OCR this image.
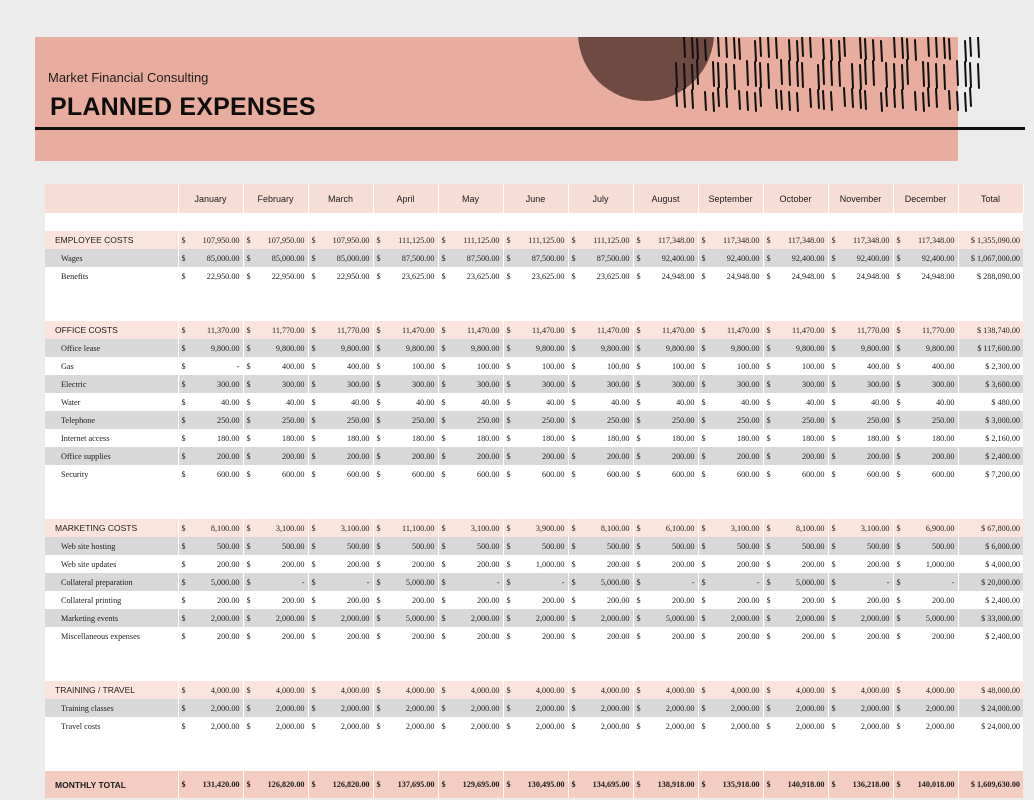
Market Financial Consulting
PLANNED EXPENSES
	January	February	March	April	May	June	July	August	September	October	November	December	Total

EMPLOYEE COSTS	$ 107,950.00	$ 107,950.00	$ 107,950.00	$ 111,125.00	$ 111,125.00	$ 111,125.00	$ 111,125.00	$ 117,348.00	$ 117,348.00	$ 117,348.00	$ 117,348.00	$ 117,348.00	$ 1,355,090.00
Wages	$ 85,000.00	$ 85,000.00	$ 85,000.00	$ 87,500.00	$ 87,500.00	$ 87,500.00	$ 87,500.00	$ 92,400.00	$ 92,400.00	$ 92,400.00	$ 92,400.00	$ 92,400.00	$ 1,067,000.00
Benefits	$ 22,950.00	$ 22,950.00	$ 22,950.00	$ 23,625.00	$ 23,625.00	$ 23,625.00	$ 23,625.00	$ 24,948.00	$ 24,948.00	$ 24,948.00	$ 24,948.00	$ 24,948.00	$ 288,090.00

OFFICE COSTS	$ 11,370.00	$ 11,770.00	$ 11,770.00	$ 11,470.00	$ 11,470.00	$ 11,470.00	$ 11,470.00	$ 11,470.00	$ 11,470.00	$ 11,470.00	$ 11,770.00	$ 11,770.00	$ 138,740.00
Office lease	$ 9,800.00	$ 9,800.00	$ 9,800.00	$ 9,800.00	$ 9,800.00	$ 9,800.00	$ 9,800.00	$ 9,800.00	$ 9,800.00	$ 9,800.00	$ 9,800.00	$ 9,800.00	$ 117,600.00
Gas	$ -	$ 400.00	$ 400.00	$ 100.00	$ 100.00	$ 100.00	$ 100.00	$ 100.00	$ 100.00	$ 100.00	$ 400.00	$ 400.00	$ 2,300.00
Electric	$ 300.00	$ 300.00	$ 300.00	$ 300.00	$ 300.00	$ 300.00	$ 300.00	$ 300.00	$ 300.00	$ 300.00	$ 300.00	$ 300.00	$ 3,600.00
Water	$ 40.00	$ 40.00	$ 40.00	$ 40.00	$ 40.00	$ 40.00	$ 40.00	$ 40.00	$ 40.00	$ 40.00	$ 40.00	$ 40.00	$ 480.00
Telephone	$ 250.00	$ 250.00	$ 250.00	$ 250.00	$ 250.00	$ 250.00	$ 250.00	$ 250.00	$ 250.00	$ 250.00	$ 250.00	$ 250.00	$ 3,000.00
Internet access	$ 180.00	$ 180.00	$ 180.00	$ 180.00	$ 180.00	$ 180.00	$ 180.00	$ 180.00	$ 180.00	$ 180.00	$ 180.00	$ 180.00	$ 2,160.00
Office supplies	$ 200.00	$ 200.00	$ 200.00	$ 200.00	$ 200.00	$ 200.00	$ 200.00	$ 200.00	$ 200.00	$ 200.00	$ 200.00	$ 200.00	$ 2,400.00
Security	$ 600.00	$ 600.00	$ 600.00	$ 600.00	$ 600.00	$ 600.00	$ 600.00	$ 600.00	$ 600.00	$ 600.00	$ 600.00	$ 600.00	$ 7,200.00

MARKETING COSTS	$ 8,100.00	$ 3,100.00	$ 3,100.00	$ 11,100.00	$ 3,100.00	$ 3,900.00	$ 8,100.00	$ 6,100.00	$ 3,100.00	$ 8,100.00	$ 3,100.00	$ 6,900.00	$ 67,800.00
Web site hosting	$ 500.00	$ 500.00	$ 500.00	$ 500.00	$ 500.00	$ 500.00	$ 500.00	$ 500.00	$ 500.00	$ 500.00	$ 500.00	$ 500.00	$ 6,000.00
Web site updates	$ 200.00	$ 200.00	$ 200.00	$ 200.00	$ 200.00	$ 1,000.00	$ 200.00	$ 200.00	$ 200.00	$ 200.00	$ 200.00	$ 1,000.00	$ 4,000.00
Collateral preparation	$ 5,000.00	$ -	$ -	$ 5,000.00	$ -	$ -	$ 5,000.00	$ -	$ -	$ 5,000.00	$ -	$ -	$ 20,000.00
Collateral printing	$ 200.00	$ 200.00	$ 200.00	$ 200.00	$ 200.00	$ 200.00	$ 200.00	$ 200.00	$ 200.00	$ 200.00	$ 200.00	$ 200.00	$ 2,400.00
Marketing events	$ 2,000.00	$ 2,000.00	$ 2,000.00	$ 5,000.00	$ 2,000.00	$ 2,000.00	$ 2,000.00	$ 5,000.00	$ 2,000.00	$ 2,000.00	$ 2,000.00	$ 5,000.00	$ 33,000.00
Miscellaneous expenses	$ 200.00	$ 200.00	$ 200.00	$ 200.00	$ 200.00	$ 200.00	$ 200.00	$ 200.00	$ 200.00	$ 200.00	$ 200.00	$ 200.00	$ 2,400.00

TRAINING / TRAVEL	$ 4,000.00	$ 4,000.00	$ 4,000.00	$ 4,000.00	$ 4,000.00	$ 4,000.00	$ 4,000.00	$ 4,000.00	$ 4,000.00	$ 4,000.00	$ 4,000.00	$ 4,000.00	$ 48,000.00
Training classes	$ 2,000.00	$ 2,000.00	$ 2,000.00	$ 2,000.00	$ 2,000.00	$ 2,000.00	$ 2,000.00	$ 2,000.00	$ 2,000.00	$ 2,000.00	$ 2,000.00	$ 2,000.00	$ 24,000.00
Travel costs	$ 2,000.00	$ 2,000.00	$ 2,000.00	$ 2,000.00	$ 2,000.00	$ 2,000.00	$ 2,000.00	$ 2,000.00	$ 2,000.00	$ 2,000.00	$ 2,000.00	$ 2,000.00	$ 24,000.00

MONTHLY TOTAL	$ 131,420.00	$ 126,820.00	$ 126,820.00	$ 137,695.00	$ 129,695.00	$ 130,495.00	$ 134,695.00	$ 138,918.00	$ 135,918.00	$ 140,918.00	$ 136,218.00	$ 140,018.00	$ 1,609,630.00
